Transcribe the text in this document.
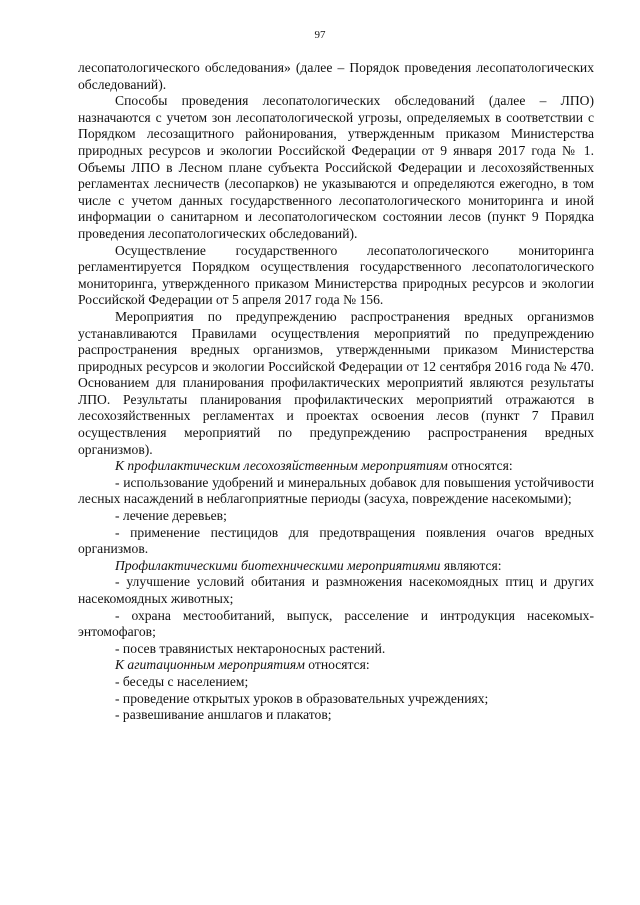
97

лесопатологического обследования» (далее – Порядок проведения лесопатологических обследований).

Способы проведения лесопатологических обследований (далее – ЛПО) назначаются с учетом зон лесопатологической угрозы, определяемых в соответствии с Порядком лесозащитного районирования, утвержденным приказом Министерства природных ресурсов и экологии Российской Федерации от 9 января 2017 года № 1. Объемы ЛПО в Лесном плане субъекта Российской Федерации и лесохозяйственных регламентах лесничеств (лесопарков) не указываются и определяются ежегодно, в том числе с учетом данных государственного лесопатологического мониторинга и иной информации о санитарном и лесопатологическом состоянии лесов (пункт 9 Порядка проведения лесопатологических обследований).

Осуществление государственного лесопатологического мониторинга регламентируется Порядком осуществления государственного лесопатологического мониторинга, утвержденного приказом Министерства природных ресурсов и экологии Российской Федерации от 5 апреля 2017 года № 156.

Мероприятия по предупреждению распространения вредных организмов устанавливаются Правилами осуществления мероприятий по предупреждению распространения вредных организмов, утвержденными приказом Министерства природных ресурсов и экологии Российской Федерации от 12 сентября 2016 года № 470. Основанием для планирования профилактических мероприятий являются результаты ЛПО. Результаты планирования профилактических мероприятий отражаются в лесохозяйственных регламентах и проектах освоения лесов (пункт 7 Правил осуществления мероприятий по предупреждению распространения вредных организмов).

К профилактическим лесохозяйственным мероприятиям относятся:

- использование удобрений и минеральных добавок для повышения устойчивости лесных насаждений в неблагоприятные периоды (засуха, повреждение насекомыми);

- лечение деревьев;

- применение пестицидов для предотвращения появления очагов вредных организмов.

Профилактическими биотехническими мероприятиями являются:

- улучшение условий обитания и размножения насекомоядных птиц и других насекомоядных животных;

- охрана местообитаний, выпуск, расселение и интродукция насекомых-энтомофагов;

- посев травянистых нектароносных растений.

К агитационным мероприятиям относятся:

- беседы с населением;

- проведение открытых уроков в образовательных учреждениях;

- развешивание аншлагов и плакатов;
